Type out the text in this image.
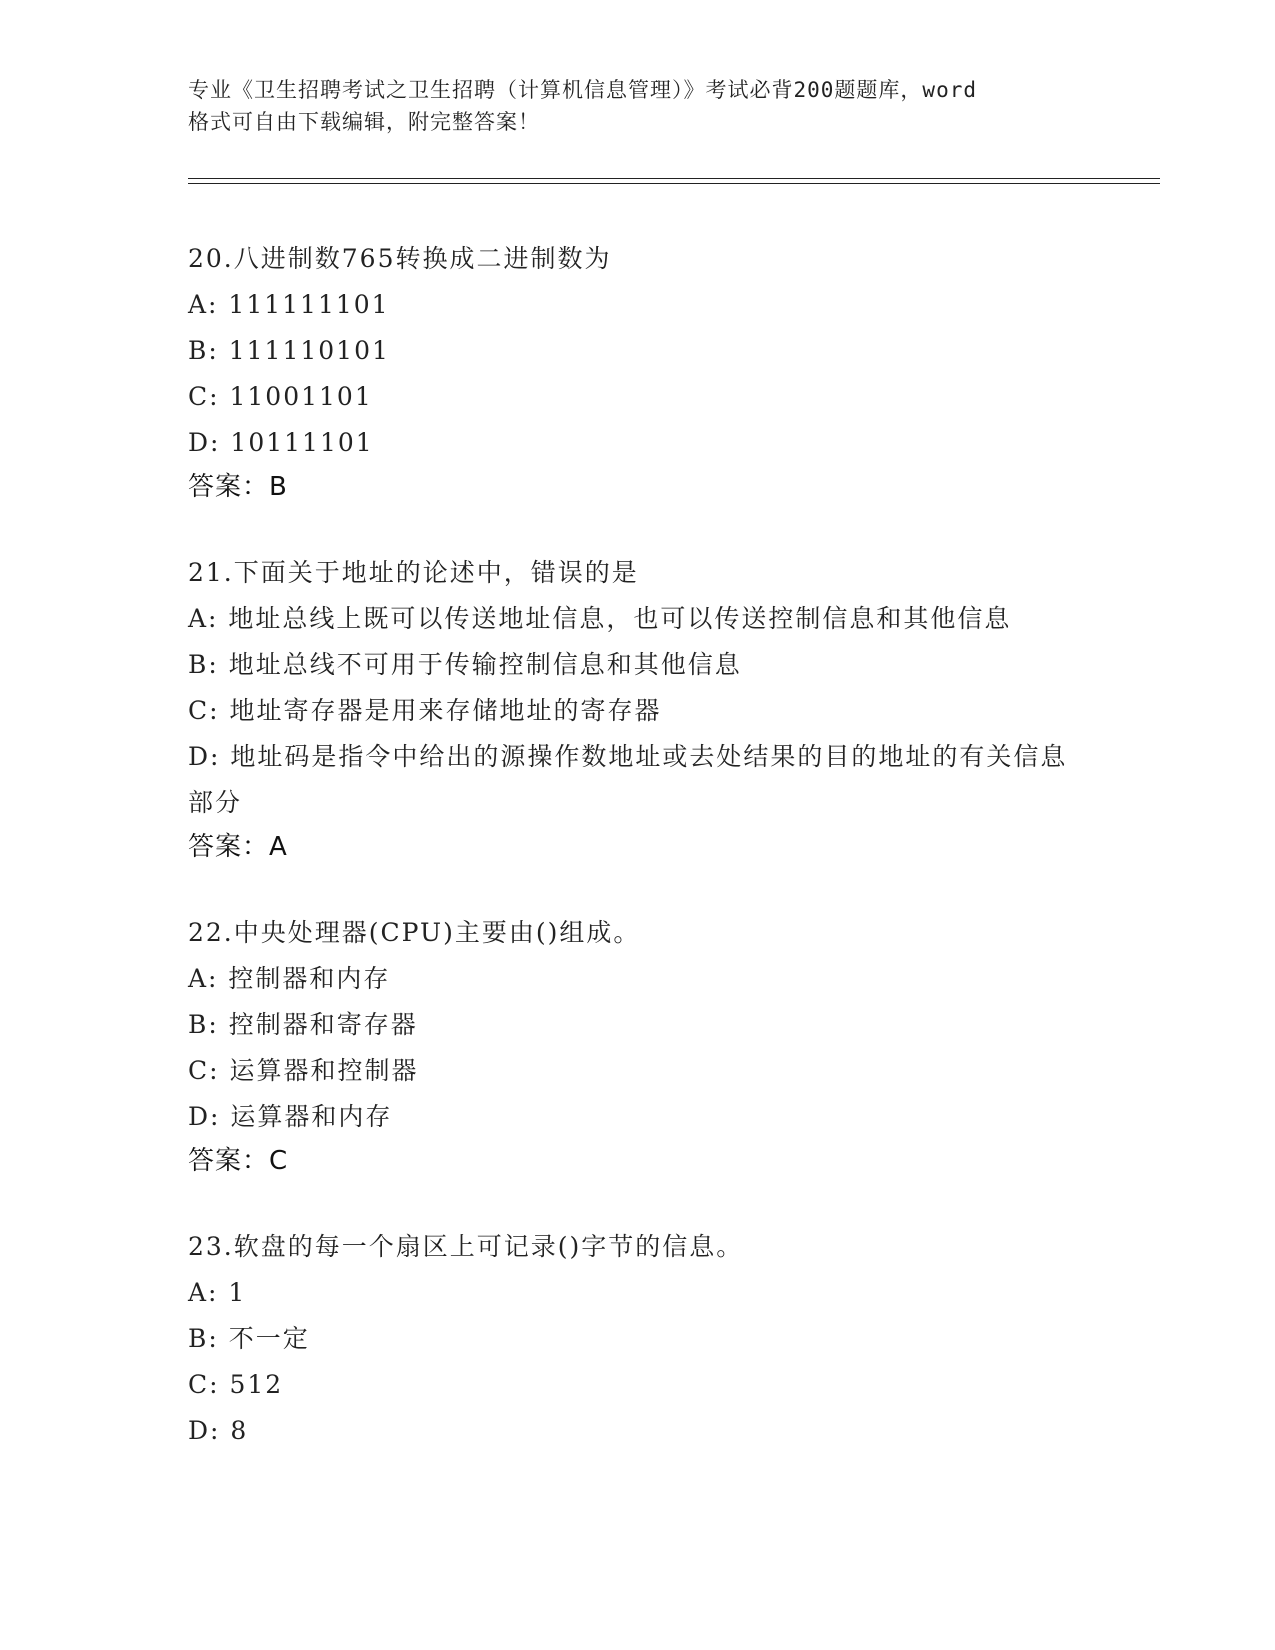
专业《卫生招聘考试之卫生招聘（计算机信息管理）》考试必背200题题库，word
格式可自由下载编辑，附完整答案！
20.八进制数765转换成二进制数为
A: 111111101
B: 111110101
C: 11001101
D: 10111101
答案：B
21.下面关于地址的论述中，错误的是
A: 地址总线上既可以传送地址信息，也可以传送控制信息和其他信息
B: 地址总线不可用于传输控制信息和其他信息
C: 地址寄存器是用来存储地址的寄存器
D: 地址码是指令中给出的源操作数地址或去处结果的目的地址的有关信息部分
答案：A
22.中央处理器(CPU)主要由()组成。
A: 控制器和内存
B: 控制器和寄存器
C: 运算器和控制器
D: 运算器和内存
答案：C
23.软盘的每一个扇区上可记录()字节的信息。
A: 1
B: 不一定
C: 512
D: 8
